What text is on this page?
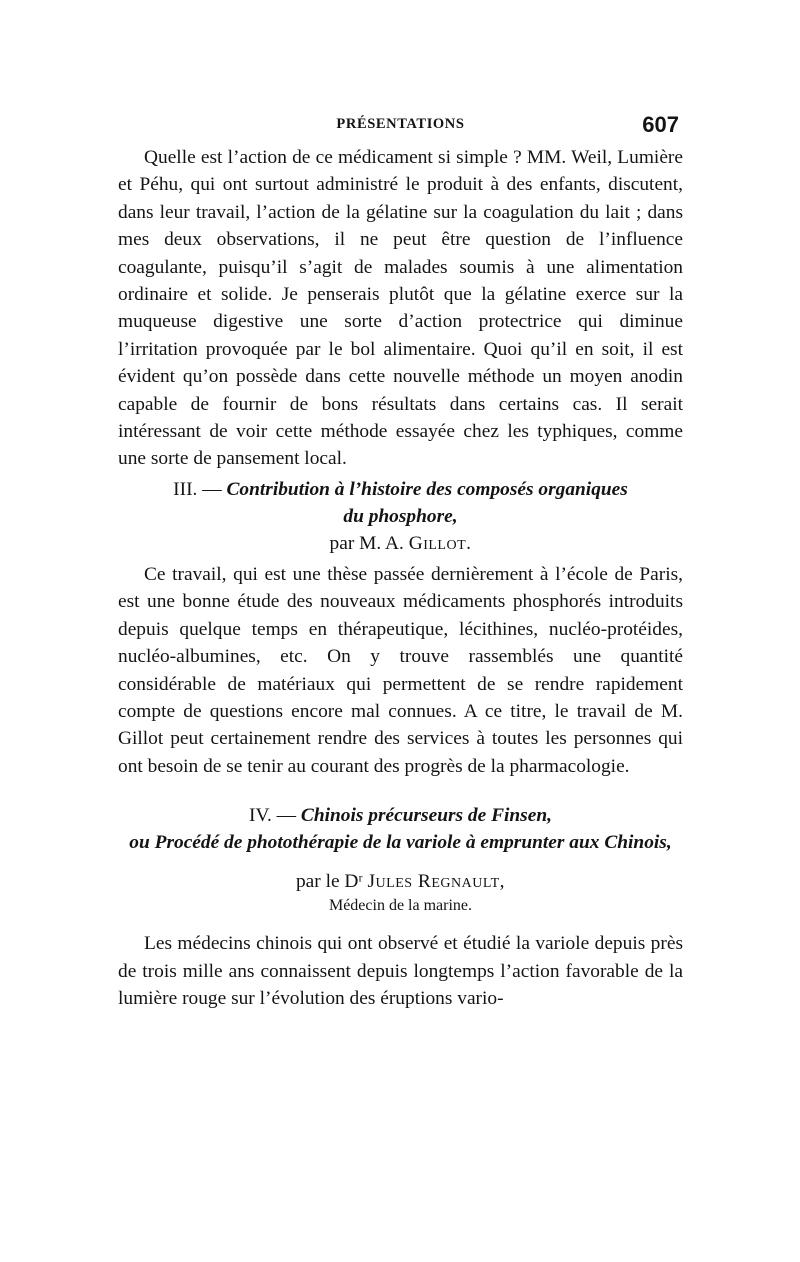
PRÉSENTATIONS	607

Quelle est l’action de ce médicament si simple ? MM. Weil, Lumière et Péhu, qui ont surtout administré le produit à des enfants, discutent, dans leur travail, l’action de la gélatine sur la coagulation du lait ; dans mes deux observations, il ne peut être question de l’influence coagulante, puisqu’il s’agit de malades soumis à une alimentation ordinaire et solide. Je penserais plutôt que la gélatine exerce sur la muqueuse digestive une sorte d’action protectrice qui diminue l’irritation provoquée par le bol alimentaire. Quoi qu’il en soit, il est évident qu’on possède dans cette nouvelle méthode un moyen anodin capable de fournir de bons résultats dans certains cas. Il serait intéressant de voir cette méthode essayée chez les typhiques, comme une sorte de pansement local.

III. — Contribution à l’histoire des composés organiques
du phosphore,
par M. A. Gillot.

Ce travail, qui est une thèse passée dernièrement à l’école de Paris, est une bonne étude des nouveaux médicaments phosphorés introduits depuis quelque temps en thérapeutique, lécithines, nucléo-protéides, nucléo-albumines, etc. On y trouve rassemblés une quantité considérable de matériaux qui permettent de se rendre rapidement compte de questions encore mal connues. A ce titre, le travail de M. Gillot peut certainement rendre des services à toutes les personnes qui ont besoin de se tenir au courant des progrès de la pharmacologie.

IV. — Chinois précurseurs de Finsen,
ou Procédé de photothérapie de la variole à emprunter aux Chinois,
par le Dʳ Jules Regnault,
Médecin de la marine.

Les médecins chinois qui ont observé et étudié la variole depuis près de trois mille ans connaissent depuis longtemps l’action favorable de la lumière rouge sur l’évolution des éruptions vario-
